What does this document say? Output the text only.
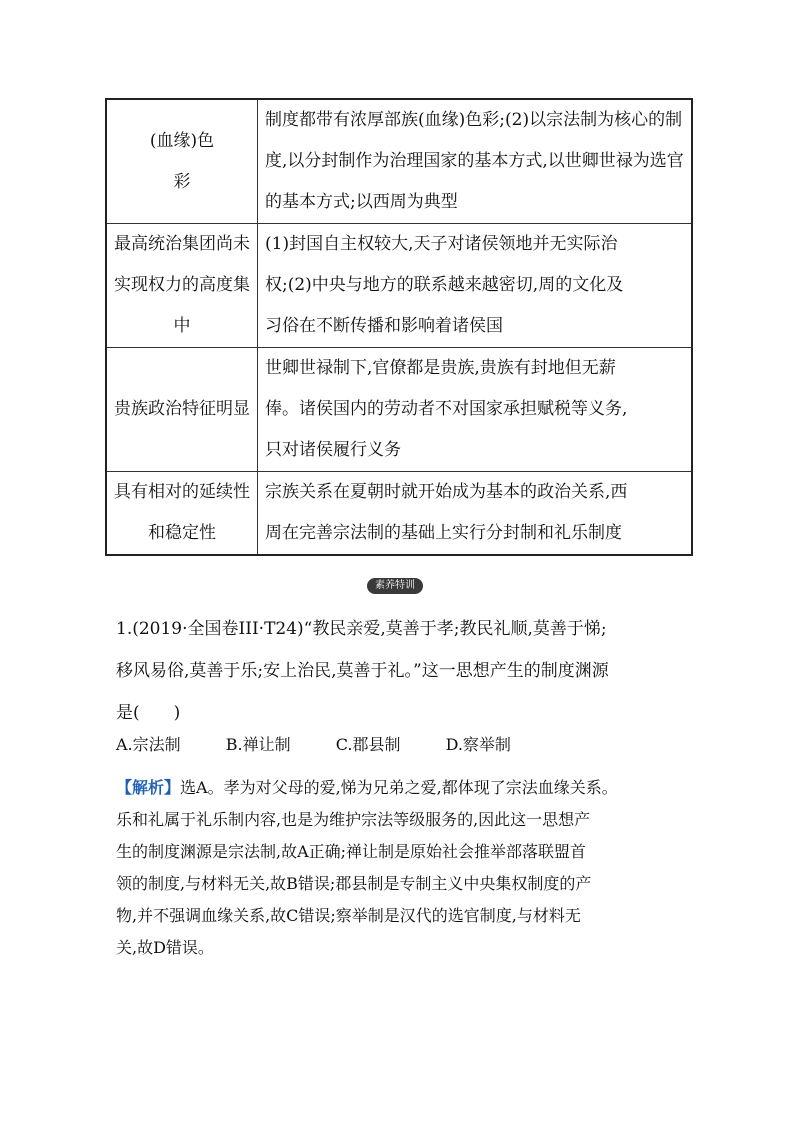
(血缘)色
彩	制度都带有浓厚部族(血缘)色彩;(2)以宗法制为核心的制
度,以分封制作为治理国家的基本方式,以世卿世禄为选官
的基本方式;以西周为典型

最高统治集团尚未
实现权力的高度集
中	(1)封国自主权较大,天子对诸侯领地并无实际治
权;(2)中央与地方的联系越来越密切,周的文化及
习俗在不断传播和影响着诸侯国

贵族政治特征明显	世卿世禄制下,官僚都是贵族,贵族有封地但无薪
俸。诸侯国内的劳动者不对国家承担赋税等义务,
只对诸侯履行义务

具有相对的延续性
和稳定性	宗族关系在夏朝时就开始成为基本的政治关系,西
周在完善宗法制的基础上实行分封制和礼乐制度
素养特训
1.(2019·全国卷III·T24)“教民亲爱,莫善于孝;教民礼顺,莫善于悌;
移风易俗,莫善于乐;安上治民,莫善于礼。”这一思想产生的制度渊源
是(　　)
A.宗法制	B.禅让制	C.郡县制	D.察举制
【解析】选A。孝为对父母的爱,悌为兄弟之爱,都体现了宗法血缘关系。
乐和礼属于礼乐制内容,也是为维护宗法等级服务的,因此这一思想产
生的制度渊源是宗法制,故A正确;禅让制是原始社会推举部落联盟首
领的制度,与材料无关,故B错误;郡县制是专制主义中央集权制度的产
物,并不强调血缘关系,故C错误;察举制是汉代的选官制度,与材料无
关,故D错误。
